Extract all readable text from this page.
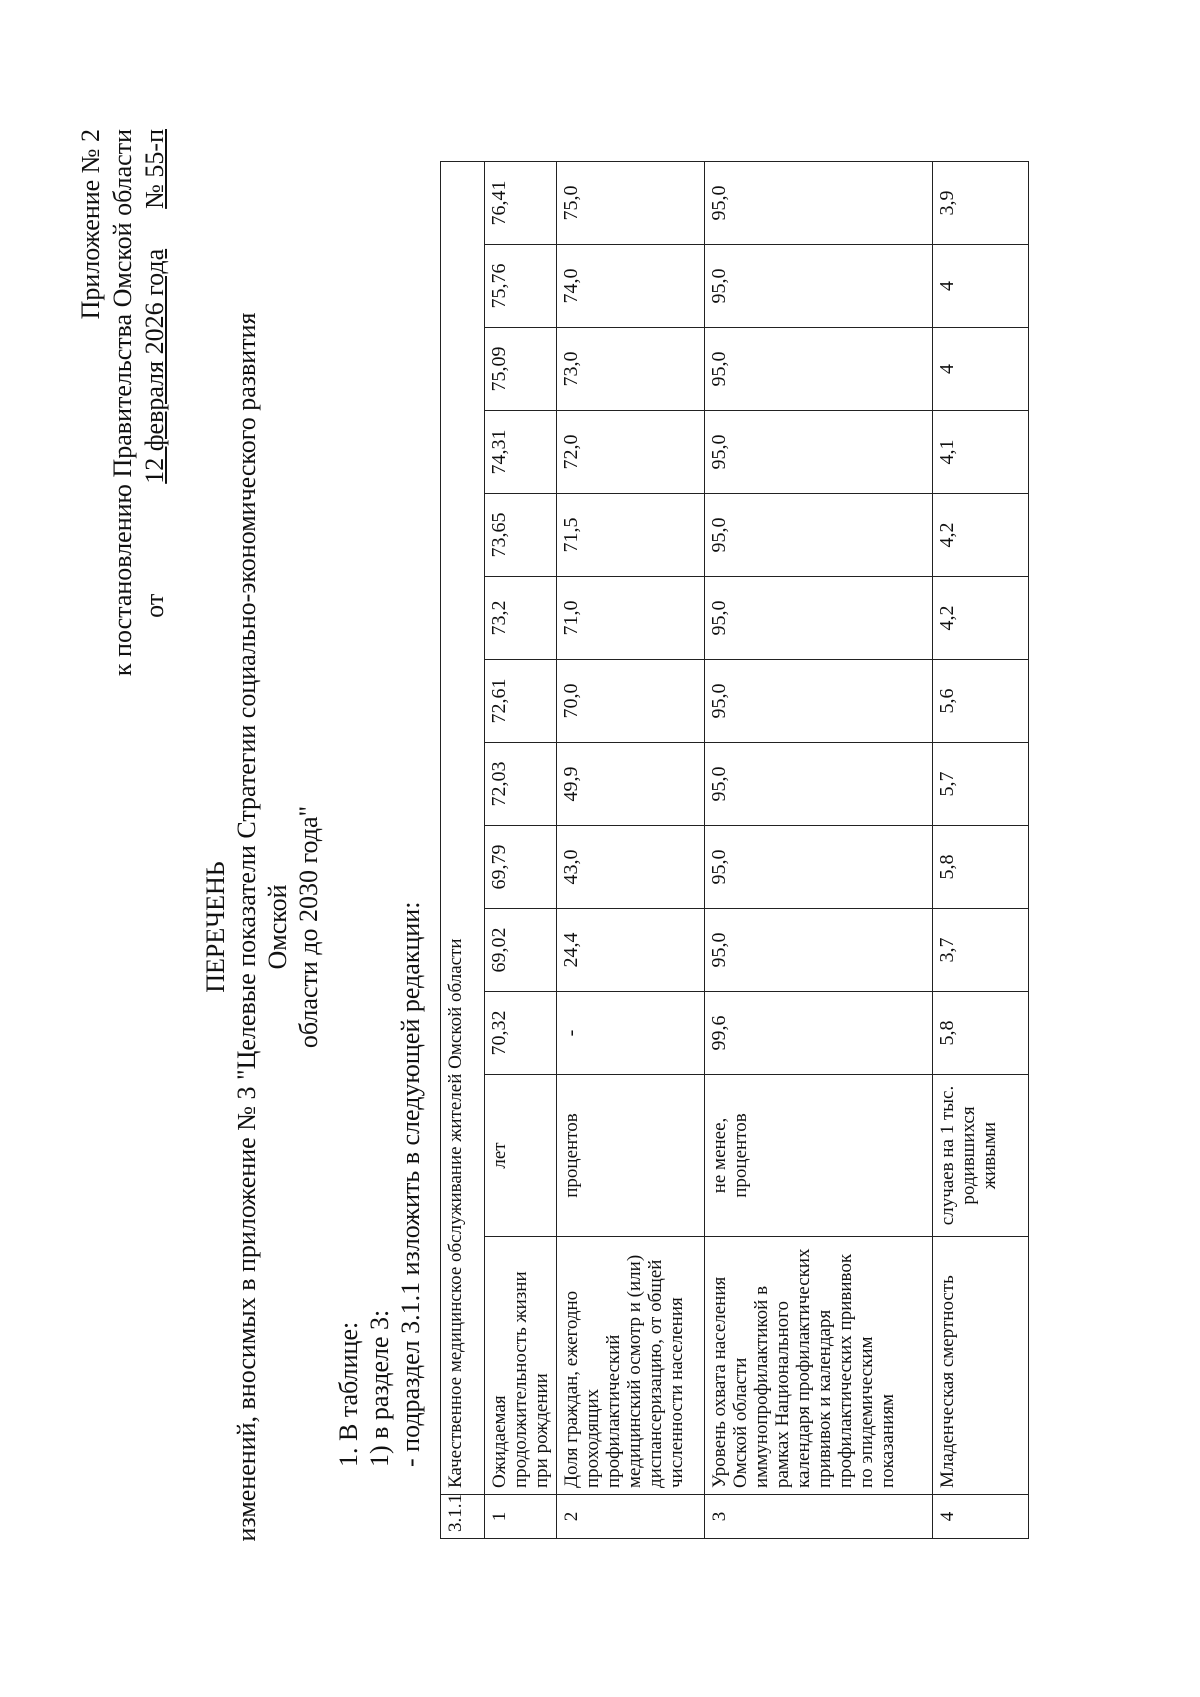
Приложение № 2 к постановлению Правительства Омской области от12 февраля 2026 года№ 55-п
ПЕРЕЧЕНЬ изменений, вносимых в приложение № 3 "Целевые показатели Стратегии социально-экономического развития Омской области до 2030 года"
1. В таблице: 1) в разделе 3: - подраздел 3.1.1 изложить в следующей редакции:
3.1.1	Качественное медицинское обслуживание жителей Омской области												
1	Ожидаемая продолжительность жизни при рождении	лет	70,32	69,02	69,79	72,03	72,61	73,2	73,65	74,31	75,09	75,76	76,41
2	Доля граждан, ежегодно проходящих профилактический медицинский осмотр и (или) диспансеризацию, от общей численности населения	процентов	-	24,4	43,0	49,9	70,0	71,0	71,5	72,0	73,0	74,0	75,0
3	Уровень охвата населения Омской области иммунопрофилактикой в рамках Национального календаря профилактических прививок и календаря профилактических прививок по эпидемическим показаниям	не менее, процентов	99,6	95,0	95,0	95,0	95,0	95,0	95,0	95,0	95,0	95,0	95,0
4	Младенческая смертность	случаев на 1 тыс. родившихся живыми	5,8	3,7	5,8	5,7	5,6	4,2	4,2	4,1	4	4	3,9
